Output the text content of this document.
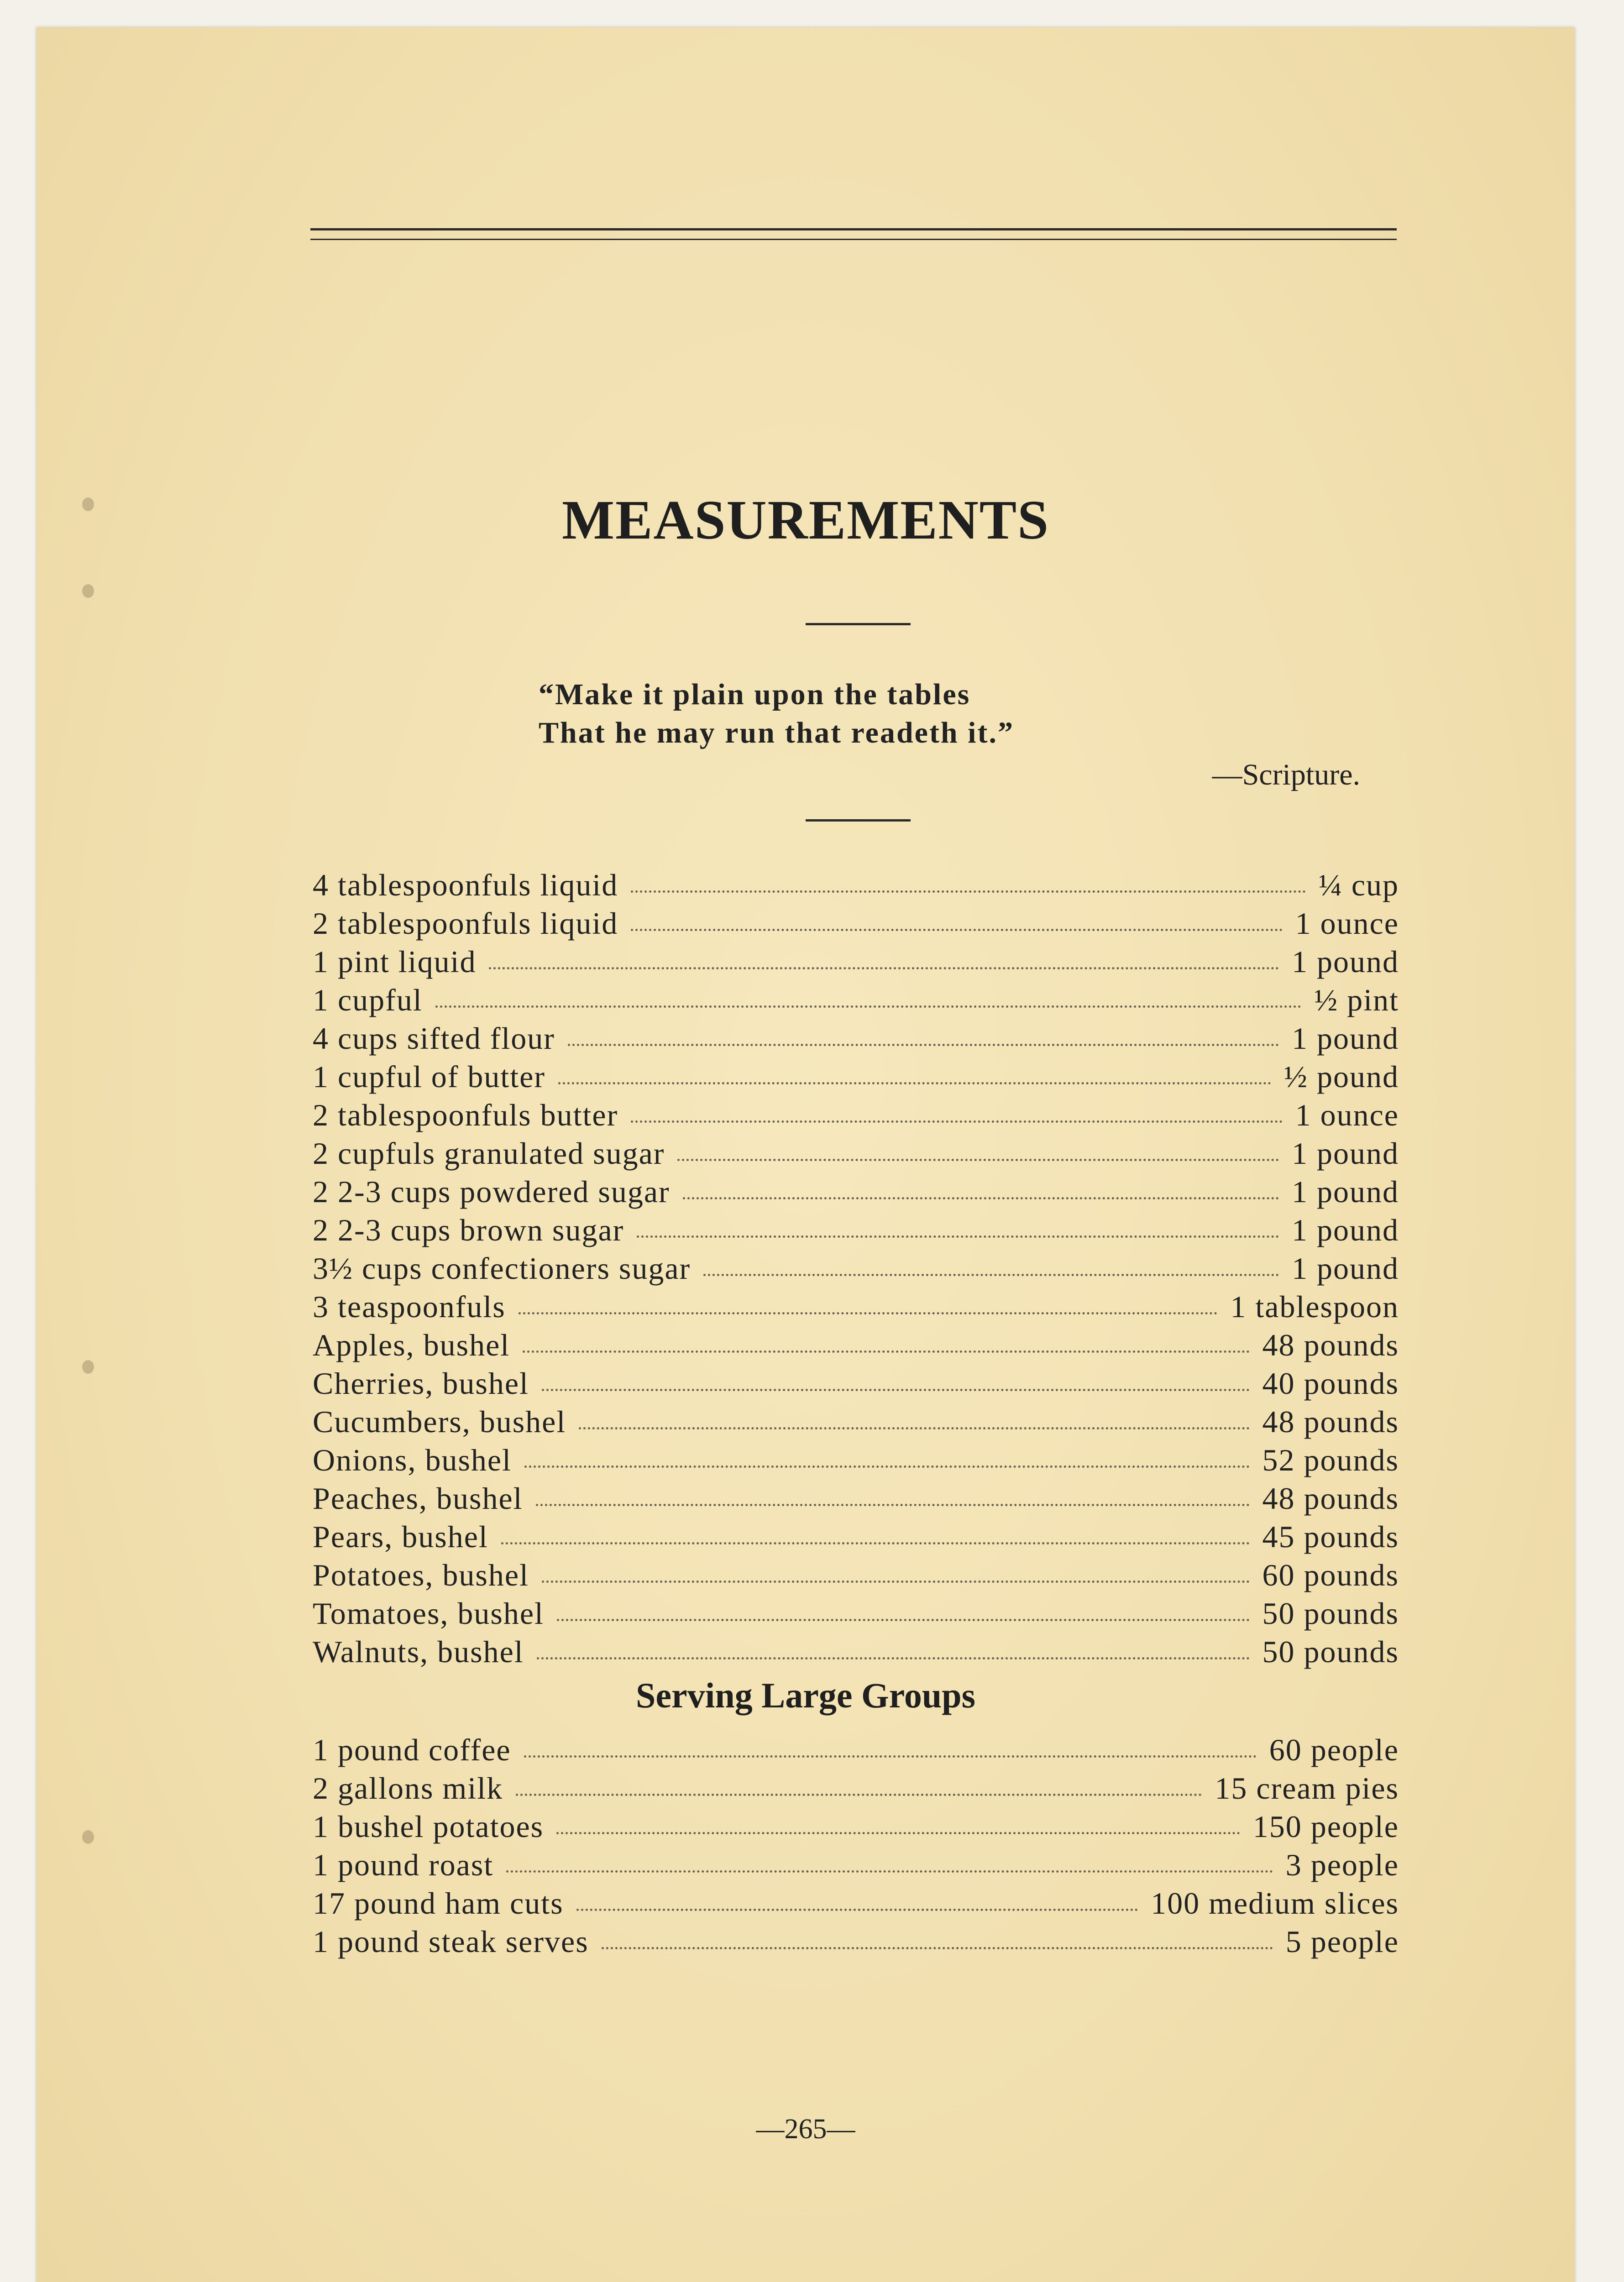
MEASUREMENTS
“Make it plain upon the tables
That he may run that readeth it.”
—Scripture.
4 tablespoonfuls liquid	¼ cup
2 tablespoonfuls liquid	1 ounce
1 pint liquid	1 pound
1 cupful	½ pint
4 cups sifted flour	1 pound
1 cupful of butter	½ pound
2 tablespoonfuls butter	1 ounce
2 cupfuls granulated sugar	1 pound
2 2-3 cups powdered sugar	1 pound
2 2-3 cups brown sugar	1 pound
3½ cups confectioners sugar	1 pound
3 teaspoonfuls	1 tablespoon
Apples, bushel	48 pounds
Cherries, bushel	40 pounds
Cucumbers, bushel	48 pounds
Onions, bushel	52 pounds
Peaches, bushel	48 pounds
Pears, bushel	45 pounds
Potatoes, bushel	60 pounds
Tomatoes, bushel	50 pounds
Walnuts, bushel	50 pounds
Serving Large Groups
1 pound coffee	60 people
2 gallons milk	15 cream pies
1 bushel potatoes	150 people
1 pound roast	3 people
17 pound ham cuts	100 medium slices
1 pound steak serves	5 people
—265—
